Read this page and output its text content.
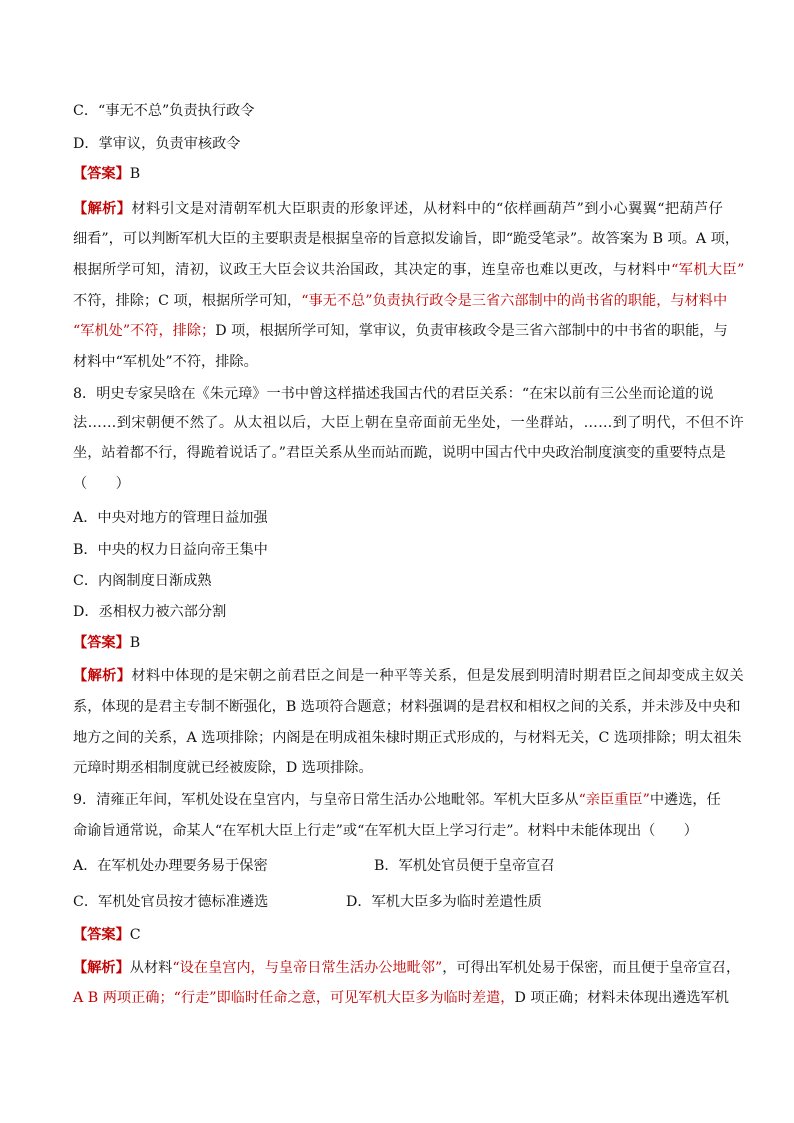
C．“事无不总”负责执行政令
D．掌审议，负责审核政令
【答案】B
【解析】材料引文是对清朝军机大臣职责的形象评述，从材料中的“依样画葫芦”到小心翼翼“把葫芦仔
细看”，可以判断军机大臣的主要职责是根据皇帝的旨意拟发谕旨，即“跪受笔录”。故答案为 B 项。A 项，
根据所学可知，清初，议政王大臣会议共治国政，其决定的事，连皇帝也难以更改，与材料中“军机大臣”
不符，排除；C 项，根据所学可知，“事无不总”负责执行政令是三省六部制中的尚书省的职能，与材料中
“军机处”不符，排除；D 项，根据所学可知，掌审议，负责审核政令是三省六部制中的中书省的职能，与
材料中“军机处”不符，排除。
8．明史专家吴晗在《朱元璋》一书中曾这样描述我国古代的君臣关系：“在宋以前有三公坐而论道的说
法……到宋朝便不然了。从太祖以后，大臣上朝在皇帝面前无坐处，一坐群站，……到了明代，不但不许
坐，站着都不行，得跪着说话了。”君臣关系从坐而站而跪，说明中国古代中央政治制度演变的重要特点是
（　　）
A．中央对地方的管理日益加强
B．中央的权力日益向帝王集中
C．内阁制度日渐成熟
D．丞相权力被六部分割
【答案】B
【解析】材料中体现的是宋朝之前君臣之间是一种平等关系，但是发展到明清时期君臣之间却变成主奴关
系，体现的是君主专制不断强化，B 选项符合题意；材料强调的是君权和相权之间的关系，并未涉及中央和
地方之间的关系，A 选项排除；内阁是在明成祖朱棣时期正式形成的，与材料无关，C 选项排除；明太祖朱
元璋时期丞相制度就已经被废除，D 选项排除。
9．清雍正年间，军机处设在皇宫内，与皇帝日常生活办公地毗邻。军机大臣多从“亲臣重臣”中遴选，任
命谕旨通常说，命某人“在军机大臣上行走”或“在军机大臣上学习行走”。材料中未能体现出（　　）
A．在军机处办理要务易于保密	B．军机处官员便于皇帝宣召
C．军机处官员按才德标准遴选	D．军机大臣多为临时差遣性质
【答案】C
【解析】从材料“设在皇宫内，与皇帝日常生活办公地毗邻”，可得出军机处易于保密，而且便于皇帝宣召，
A B 两项正确；“行走”即临时任命之意，可见军机大臣多为临时差遣，D 项正确；材料未体现出遴选军机
